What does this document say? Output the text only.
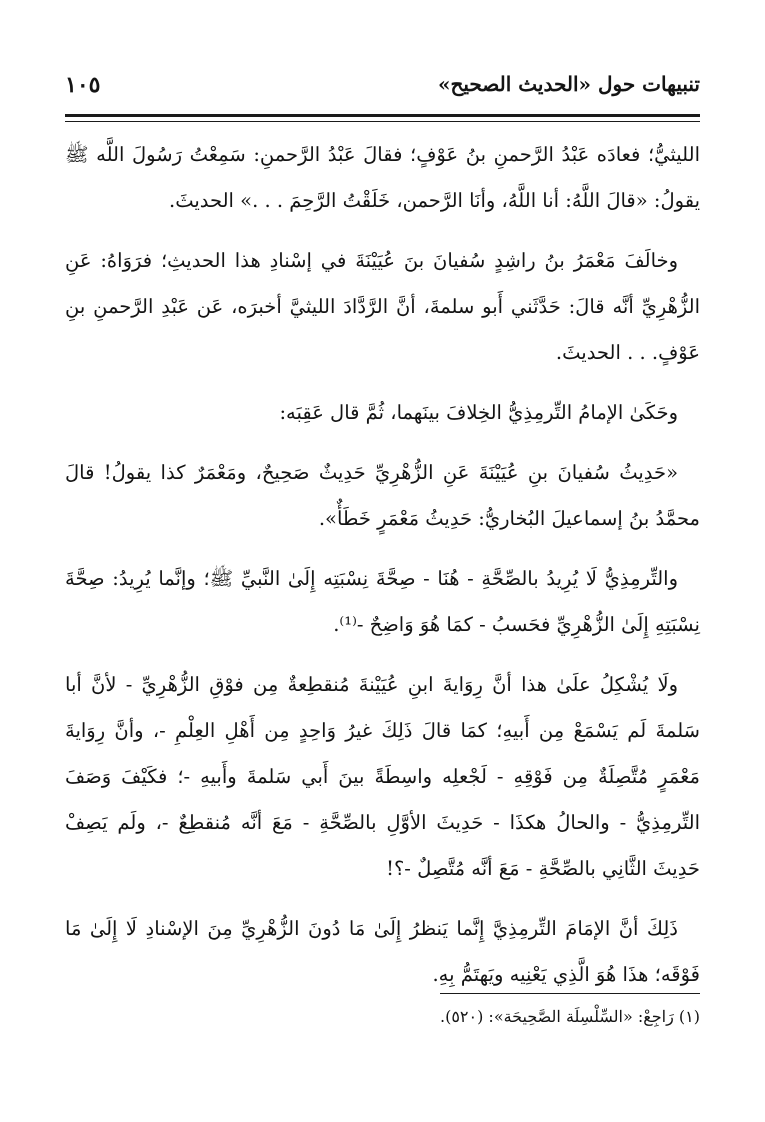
تنبيهات حول «الحديث الصحيح»
١٠٥

الليثيُّ؛ فعادَه عَبْدُ الرَّحمنِ بنُ عَوْفٍ؛ فقالَ عَبْدُ الرَّحمنِ: سَمِعْتُ رَسُولَ اللَّه ﷺ يقولُ: «قالَ اللَّهُ: أنا اللَّهُ، وأنَا الرَّحمن، خَلَقْتُ الرَّحِمَ . . .» الحديثَ.

وخالَفَ مَعْمَرُ بنُ راشِدٍ سُفيانَ بنَ عُيَيْنَةَ في إسْنادِ هذا الحديثِ؛ فرَوَاهُ: عَنِ الزُّهْرِيِّ أنَّه قالَ: حَدَّثَني أَبو سلمةَ، أنَّ الرَّدَّادَ الليثيَّ أخبرَه، عَن عَبْدِ الرَّحمنِ بنِ عَوْفٍ. . . الحديثَ.

وحَكَىٰ الإمامُ التِّرمِذِيُّ الخِلافَ بينَهما، ثُمَّ قال عَقِبَه:

«حَدِيثُ سُفيانَ بنِ عُيَيْنَةَ عَنِ الزُّهْرِيِّ حَدِيثٌ صَحِيحٌ، ومَعْمَرٌ كذا يقولُ! قالَ محمَّدُ بنُ إسماعيلَ البُخاريُّ: حَدِيثُ مَعْمَرٍ خَطَأٌ».

والتِّرمِذِيُّ لَا يُرِيدُ بالصِّحَّةِ - هُنَا - صِحَّةَ نِسْبَتِه إِلَىٰ النَّبيِّ ﷺ؛ وإنَّما يُرِيدُ: صِحَّةَ نِسْبَتِهِ إِلَىٰ الزُّهْرِيِّ فحَسبُ - كمَا هُوَ وَاضِحٌ -⁽¹⁾.

ولَا يُشْكِلُ علَىٰ هذا أنَّ رِوَايةَ ابنِ عُيَيْنةَ مُنقطِعةٌ مِن فوْقِ الزُّهْرِيِّ - لأنَّ أبا سَلمةَ لَم يَسْمَعْ مِن أَبيهِ؛ كمَا قالَ ذَلِكَ غيرُ وَاحِدٍ مِن أَهْلِ العِلْمِ -، وأنَّ رِوَايةَ مَعْمَرٍ مُتَّصِلَةٌ مِن فَوْقِهِ - لَجْعلِه واسِطَةً بينَ أَبي سَلمةَ وأَبيهِ -؛ فكَيْفَ وَصَفَ التِّرمِذِيُّ - والحالُ هكذَا - حَدِيثَ الأوَّلِ بالصِّحَّةِ - مَعَ أنَّه مُنقطِعٌ -، ولَم يَصِفْ حَدِيثَ الثَّانِي بالصِّحَّةِ - مَعَ أنَّه مُتَّصِلٌ -؟!

ذَلِكَ أنَّ الإمَامَ التِّرمِذِيَّ إِنَّما يَنظرُ إِلَىٰ مَا دُونَ الزُّهْرِيِّ مِنَ الإسْنادِ لَا إِلَىٰ مَا فَوْقَه؛ هذَا هُوَ الَّذِي يَعْنِيه ويَهتَمُّ بِهِ.

(١) رَاجِعْ: «السِّلْسِلَة الصَّحِيحَة»: (٥٢٠).
